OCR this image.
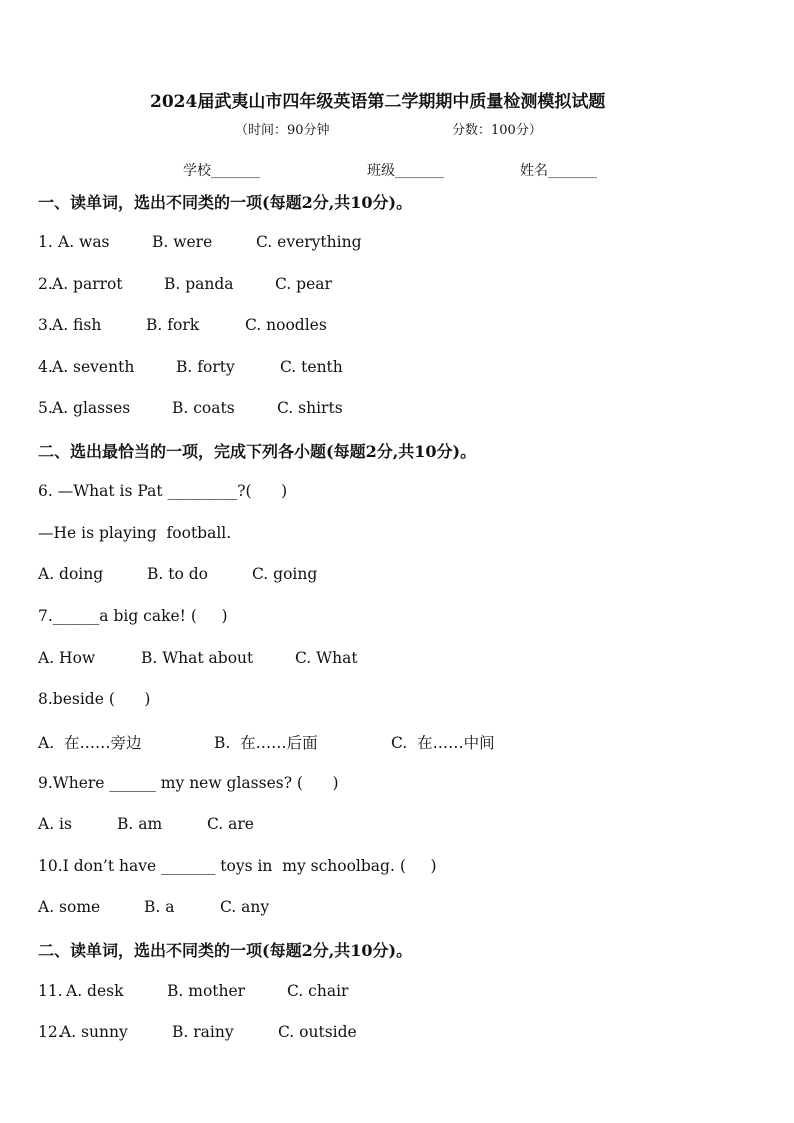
2024届武夷山市四年级英语第二学期期中质量检测模拟试题
（时间：90分钟	分数：100分）
学校_______	班级_______	姓名_______
一、读单词，选出不同类的一项(每题2分,共10分)。
1. A. was	B. were	C. everything
2. A. parrot	B. panda	C. pear
3. A. fish	B. fork	C. noodles
4. A. seventh	B. forty	C. tenth
5. A. glasses	B. coats	C. shirts
二、选出最恰当的一项，完成下列各小题(每题2分,共10分)。
6. —What is Pat _________?(      )
—He is playing  football.
A. doing	B. to do	C. going
7.______a big cake! (     )
A. How	B. What about	C. What
8.beside (      )
A.  在……旁边	B.  在……后面	C.  在……中间
9.Where ______ my new glasses? (      )
A. is	B. am	C. are
10.I don’t have _______ toys in  my schoolbag. (     )
A. some	B. a	C. any
二、读单词，选出不同类的一项(每题2分,共10分)。
11.
A. desk	B. mother	C. chair
12.
A. sunny	B. rainy	C. outside
